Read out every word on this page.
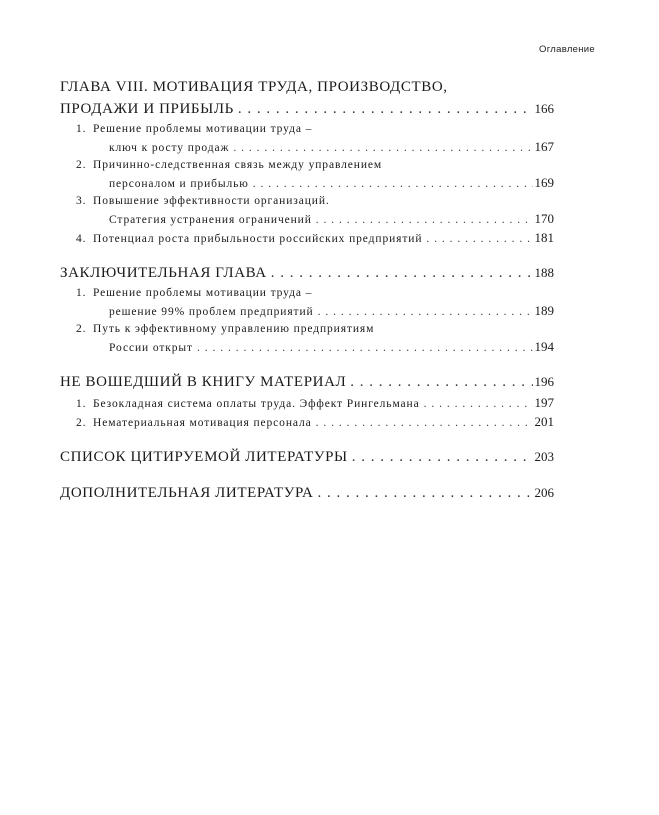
Оглавление
ГЛАВА VIII. МОТИВАЦИЯ ТРУДА, ПРОИЗВОДСТВО,
ПРОДАЖИ И ПРИБЫЛЬ . . .	166
1. Решение проблемы мотивации труда –
ключ к росту продаж . . .	167
2. Причинно-следственная связь между управлением
персоналом и прибылью . . .	169
3. Повышение эффективности организаций.
Стратегия устранения ограничений . . .	170
4. Потенциал роста прибыльности российских предприятий . . .	181
ЗАКЛЮЧИТЕЛЬНАЯ ГЛАВА . . .	188
1. Решение проблемы мотивации труда –
решение 99% проблем предприятий . . .	189
2. Путь к эффективному управлению предприятиям
России открыт . . .	194
НЕ ВОШЕДШИЙ В КНИГУ МАТЕРИАЛ . . .	196
1. Безокладная система оплаты труда. Эффект Рингельмана . . .	197
2. Нематериальная мотивация персонала . . .	201
СПИСОК ЦИТИРУЕМОЙ ЛИТЕРАТУРЫ . . .	203
ДОПОЛНИТЕЛЬНАЯ ЛИТЕРАТУРА . . .	206
